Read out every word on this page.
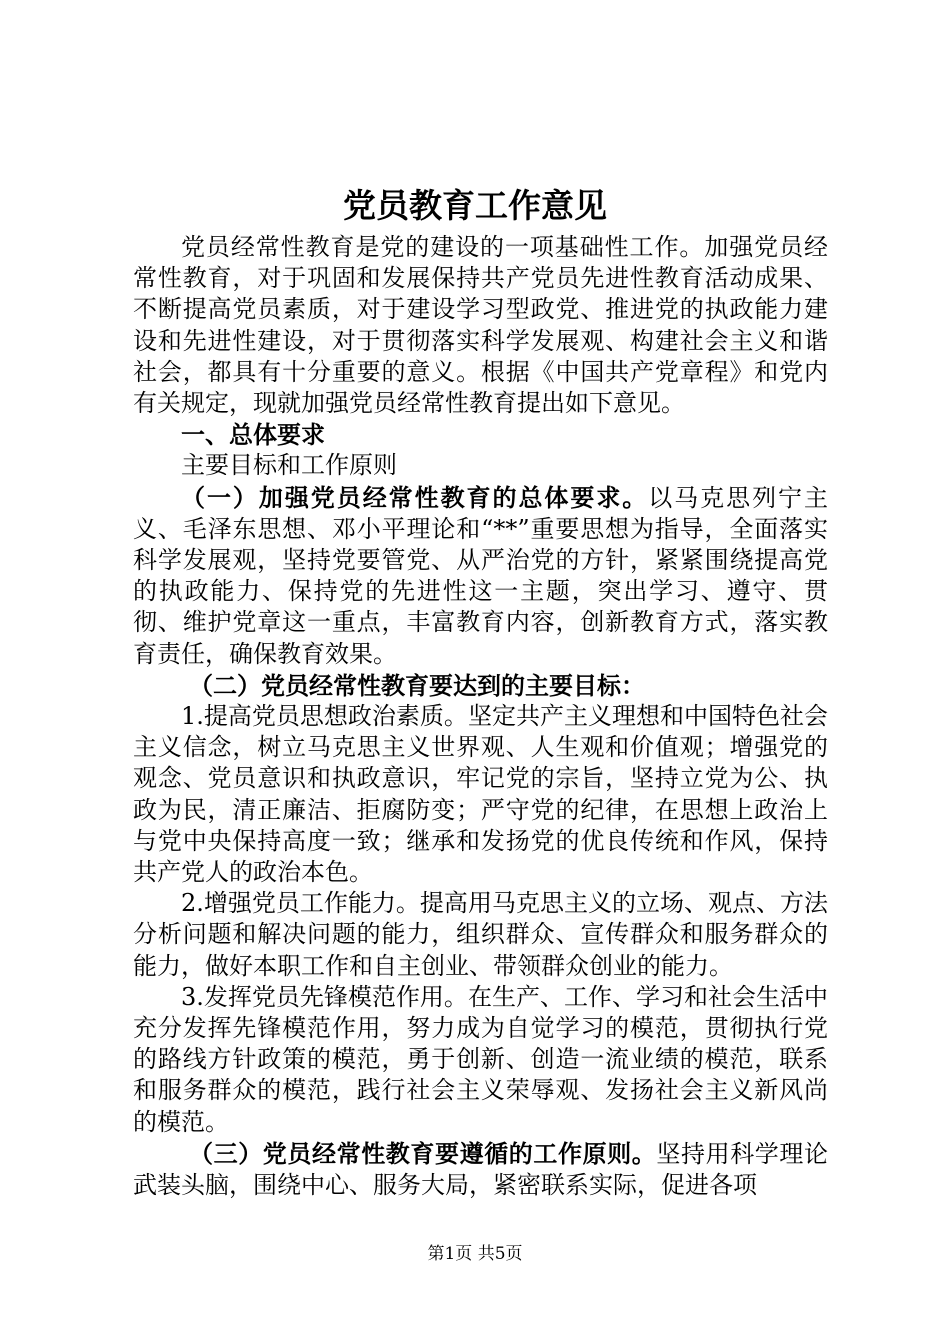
党员教育工作意见

党员经常性教育是党的建设的一项基础性工作。加强党员经常性教育，对于巩固和发展保持共产党员先进性教育活动成果、不断提高党员素质，对于建设学习型政党、推进党的执政能力建设和先进性建设，对于贯彻落实科学发展观、构建社会主义和谐社会，都具有十分重要的意义。根据《中国共产党章程》和党内有关规定，现就加强党员经常性教育提出如下意见。

一、总体要求

主要目标和工作原则

（一）加强党员经常性教育的总体要求。以马克思列宁主义、毛泽东思想、邓小平理论和“**”重要思想为指导，全面落实科学发展观，坚持党要管党、从严治党的方针，紧紧围绕提高党的执政能力、保持党的先进性这一主题，突出学习、遵守、贯彻、维护党章这一重点，丰富教育内容，创新教育方式，落实教育责任，确保教育效果。

（二）党员经常性教育要达到的主要目标：

1.提高党员思想政治素质。坚定共产主义理想和中国特色社会主义信念，树立马克思主义世界观、人生观和价值观；增强党的观念、党员意识和执政意识，牢记党的宗旨，坚持立党为公、执政为民，清正廉洁、拒腐防变；严守党的纪律，在思想上政治上与党中央保持高度一致；继承和发扬党的优良传统和作风，保持共产党人的政治本色。

2.增强党员工作能力。提高用马克思主义的立场、观点、方法分析问题和解决问题的能力，组织群众、宣传群众和服务群众的能力，做好本职工作和自主创业、带领群众创业的能力。

3.发挥党员先锋模范作用。在生产、工作、学习和社会生活中充分发挥先锋模范作用，努力成为自觉学习的模范，贯彻执行党的路线方针政策的模范，勇于创新、创造一流业绩的模范，联系和服务群众的模范，践行社会主义荣辱观、发扬社会主义新风尚的模范。

（三）党员经常性教育要遵循的工作原则。坚持用科学理论武装头脑，围绕中心、服务大局，紧密联系实际，促进各项

第1页 共5页
